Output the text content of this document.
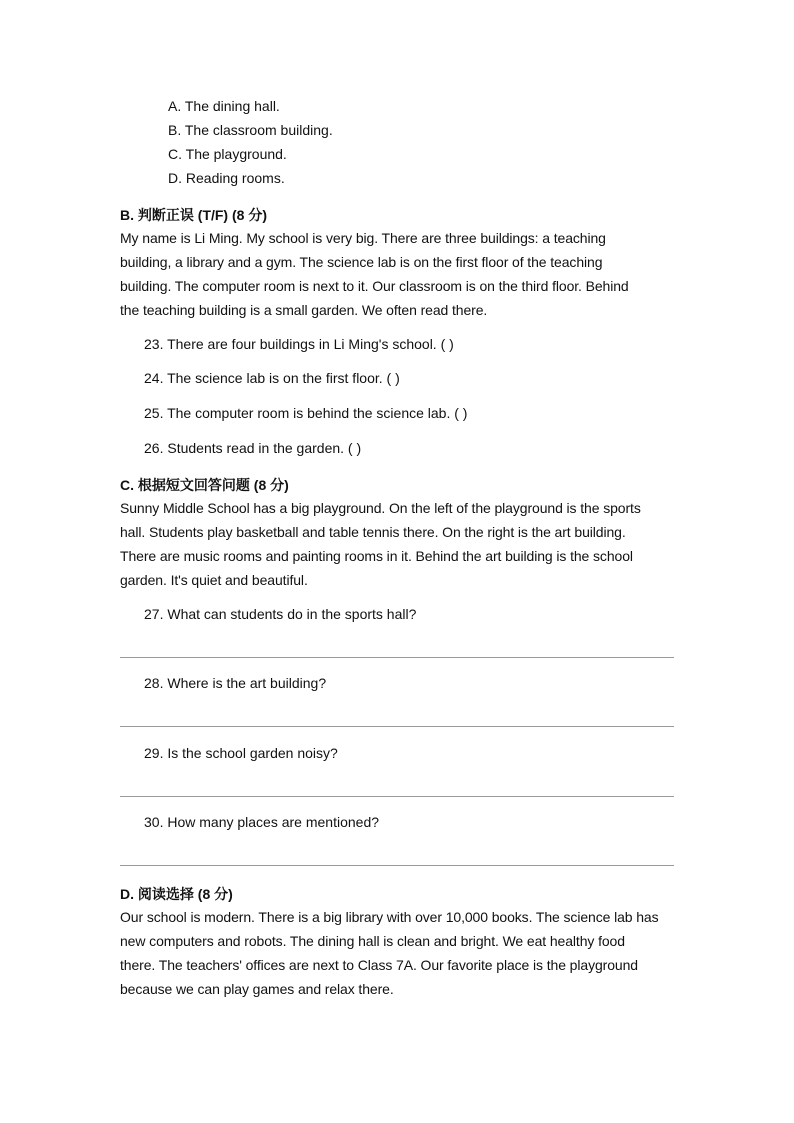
A. The dining hall.
B. The classroom building.
C. The playground.
D. Reading rooms.
B. 判断正误 (T/F) (8 分)
My name is Li Ming. My school is very big. There are three buildings: a teaching
building, a library and a gym. The science lab is on the first floor of the teaching
building. The computer room is next to it. Our classroom is on the third floor. Behind
the teaching building is a small garden. We often read there.
23. There are four buildings in Li Ming's school. ( )
24. The science lab is on the first floor. ( )
25. The computer room is behind the science lab. ( )
26. Students read in the garden. ( )
C. 根据短文回答问题 (8 分)
Sunny Middle School has a big playground. On the left of the playground is the sports
hall. Students play basketball and table tennis there. On the right is the art building.
There are music rooms and painting rooms in it. Behind the art building is the school
garden. It's quiet and beautiful.
27. What can students do in the sports hall?
28. Where is the art building?
29. Is the school garden noisy?
30. How many places are mentioned?
D. 阅读选择 (8 分)
Our school is modern. There is a big library with over 10,000 books. The science lab has
new computers and robots. The dining hall is clean and bright. We eat healthy food
there. The teachers' offices are next to Class 7A. Our favorite place is the playground
because we can play games and relax there.
